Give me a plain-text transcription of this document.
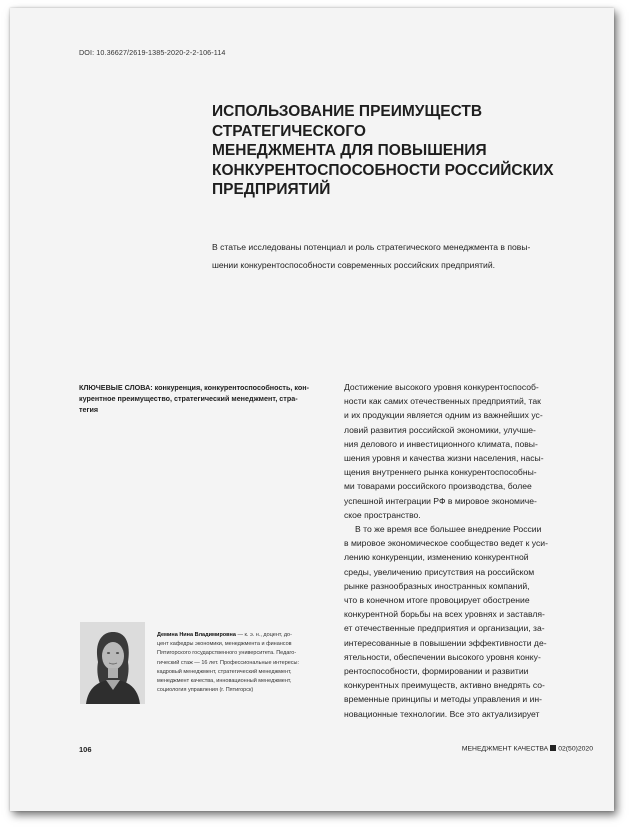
DOI: 10.36627/2619-1385-2020-2-2-106-114
ИСПОЛЬЗОВАНИЕ ПРЕИМУЩЕСТВ
СТРАТЕГИЧЕСКОГО
МЕНЕДЖМЕНТА ДЛЯ ПОВЫШЕНИЯ
КОНКУРЕНТОСПОСОБНОСТИ РОССИЙСКИХ
ПРЕДПРИЯТИЙ
В статье исследованы потенциал и роль стратегического менеджмента в повы-
шении конкурентоспособности современных российских предприятий.
КЛЮЧЕВЫЕ СЛОВА: конкуренция, конкурентоспособность, кон-
курентное преимущество, стратегический менеджмент, стра-
тегия
Достижение высокого уровня конкурентоспособ-
ности как самих отечественных предприятий, так
и их продукции является одним из важнейших ус-
ловий развития российской экономики, улучше-
ния делового и инвестиционного климата, повы-
шения уровня и качества жизни населения, насы-
щения внутреннего рынка конкурентоспособны-
ми товарами российского производства, более
успешной интеграции РФ в мировое экономиче-
ское пространство.
В то же время все большее внедрение России
в мировое экономическое сообщество ведет к уси-
лению конкуренции, изменению конкурентной
среды, увеличению присутствия на российском
рынке разнообразных иностранных компаний,
что в конечном итоге провоцирует обострение
конкурентной борьбы на всех уровнях и заставля-
ет отечественные предприятия и организации, за-
интересованные в повышении эффективности де-
ятельности, обеспечении высокого уровня конку-
рентоспособности, формировании и развитии
конкурентных преимуществ, активно внедрять со-
временные принципы и методы управления и ин-
новационные технологии. Все это актуализирует
Демина Нина Владимировна — к. э. н., доцент, до-
цент кафедры экономики, менеджмента и финансов
Пятигорского государственного университета. Педаго-
гический стаж — 16 лет. Профессиональные интересы:
кадровый менеджмент, стратегический менеджмент,
менеджмент качества, инновационный менеджмент,
социология управления (г. Пятигорск)
106	МЕНЕДЖМЕНТ КАЧЕСТВА 02(50)2020
